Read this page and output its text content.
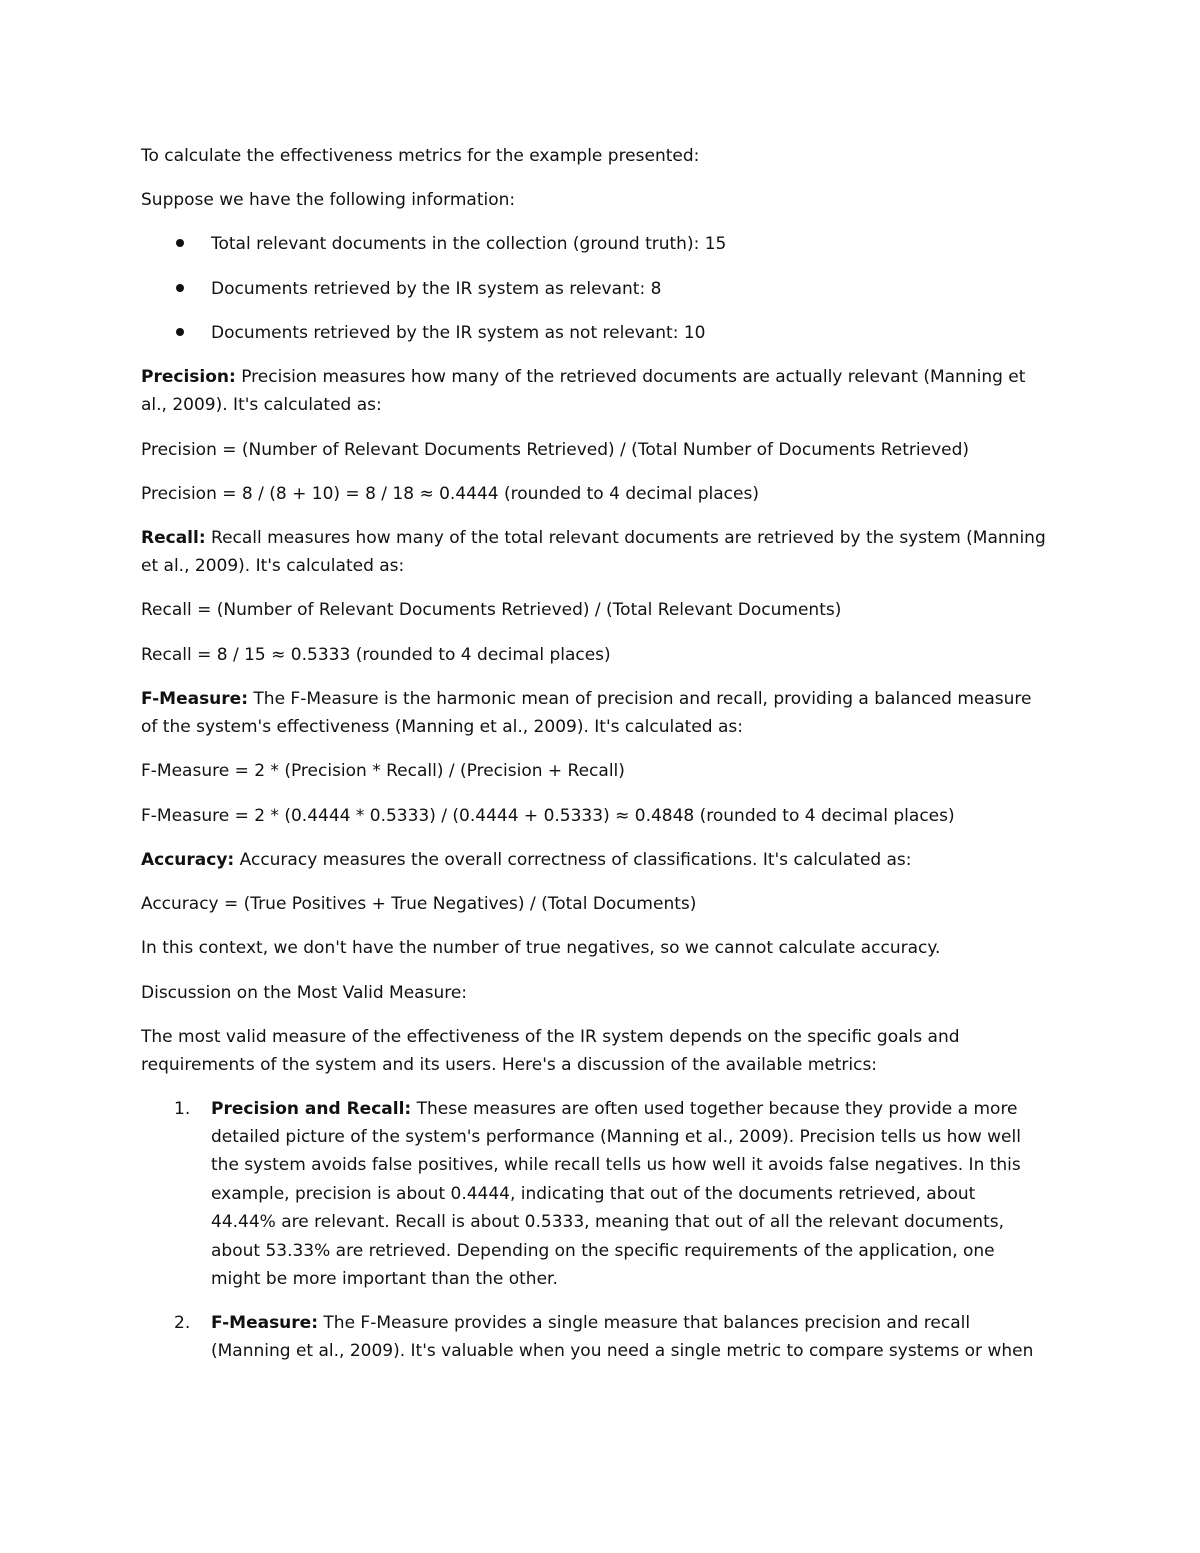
To calculate the effectiveness metrics for the example presented:
Suppose we have the following information:
Total relevant documents in the collection (ground truth): 15
Documents retrieved by the IR system as relevant: 8
Documents retrieved by the IR system as not relevant: 10
Precision: Precision measures how many of the retrieved documents are actually relevant (Manning et
al., 2009). It's calculated as:
Precision = (Number of Relevant Documents Retrieved) / (Total Number of Documents Retrieved)
Precision = 8 / (8 + 10) = 8 / 18 ≈ 0.4444 (rounded to 4 decimal places)
Recall: Recall measures how many of the total relevant documents are retrieved by the system (Manning
et al., 2009). It's calculated as:
Recall = (Number of Relevant Documents Retrieved) / (Total Relevant Documents)
Recall = 8 / 15 ≈ 0.5333 (rounded to 4 decimal places)
F-Measure: The F-Measure is the harmonic mean of precision and recall, providing a balanced measure
of the system's effectiveness (Manning et al., 2009). It's calculated as:
F-Measure = 2 * (Precision * Recall) / (Precision + Recall)
F-Measure = 2 * (0.4444 * 0.5333) / (0.4444 + 0.5333) ≈ 0.4848 (rounded to 4 decimal places)
Accuracy: Accuracy measures the overall correctness of classifications. It's calculated as:
Accuracy = (True Positives + True Negatives) / (Total Documents)
In this context, we don't have the number of true negatives, so we cannot calculate accuracy.
Discussion on the Most Valid Measure:
The most valid measure of the effectiveness of the IR system depends on the specific goals and
requirements of the system and its users. Here's a discussion of the available metrics:
1. Precision and Recall: These measures are often used together because they provide a more
detailed picture of the system's performance (Manning et al., 2009). Precision tells us how well
the system avoids false positives, while recall tells us how well it avoids false negatives. In this
example, precision is about 0.4444, indicating that out of the documents retrieved, about
44.44% are relevant. Recall is about 0.5333, meaning that out of all the relevant documents,
about 53.33% are retrieved. Depending on the specific requirements of the application, one
might be more important than the other.
2. F-Measure: The F-Measure provides a single measure that balances precision and recall
(Manning et al., 2009). It's valuable when you need a single metric to compare systems or when
